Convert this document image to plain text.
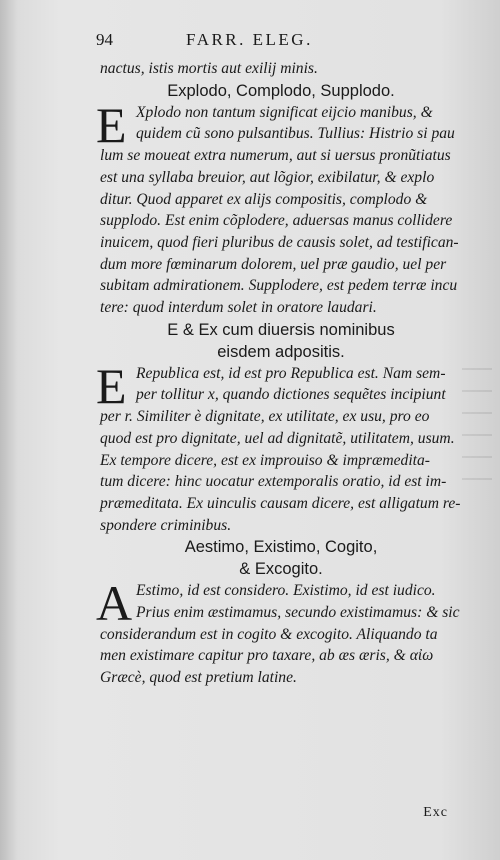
94	FARR. ELEG.
nactus, istis mortis aut exilij minis.
Explodo, Complodo, Supplodo.
E Xplodo non tantum significat eijcio manibus, &
quidem cũ sono pulsantibus. Tullius: Histrio si pau
lum se moueat extra numerum, aut si uersus pronũtiatus
est una syllaba breuior, aut lõgior, exibilatur, & explo
ditur. Quod apparet ex alijs compositis, complodo &
supplodo. Est enim cõplodere, aduersas manus collidere
inuicem, quod fieri pluribus de causis solet, ad testifican-
dum more fœminarum dolorem, uel præ gaudio, uel per
subitam admirationem. Supplodere, est pedem terræ incu
tere: quod interdum solet in oratore laudari.
E & Ex cum diuersis nominibus
eisdem adpositis.
E Republica est, id est pro Republica est. Nam sem-
per tollitur x, quando dictiones sequẽtes incipiunt
per r. Similiter è dignitate, ex utilitate, ex usu, pro eo
quod est pro dignitate, uel ad dignitatẽ, utilitatem, usum.
Ex tempore dicere, est ex improuiso & impræmedita-
tum dicere: hinc uocatur extemporalis oratio, id est im-
præmeditata. Ex uinculis causam dicere, est alligatum re-
spondere criminibus.
Aestimo, Existimo, Cogito,
& Excogito.
A Estimo, id est considero. Existimo, id est iudico.
Prius enim æstimamus, secundo existimamus: & sic
considerandum est in cogito & excogito. Aliquando ta
men existimare capitur pro taxare, ab æs æris, & αἰω
Græcè, quod est pretium latine.
Exc
